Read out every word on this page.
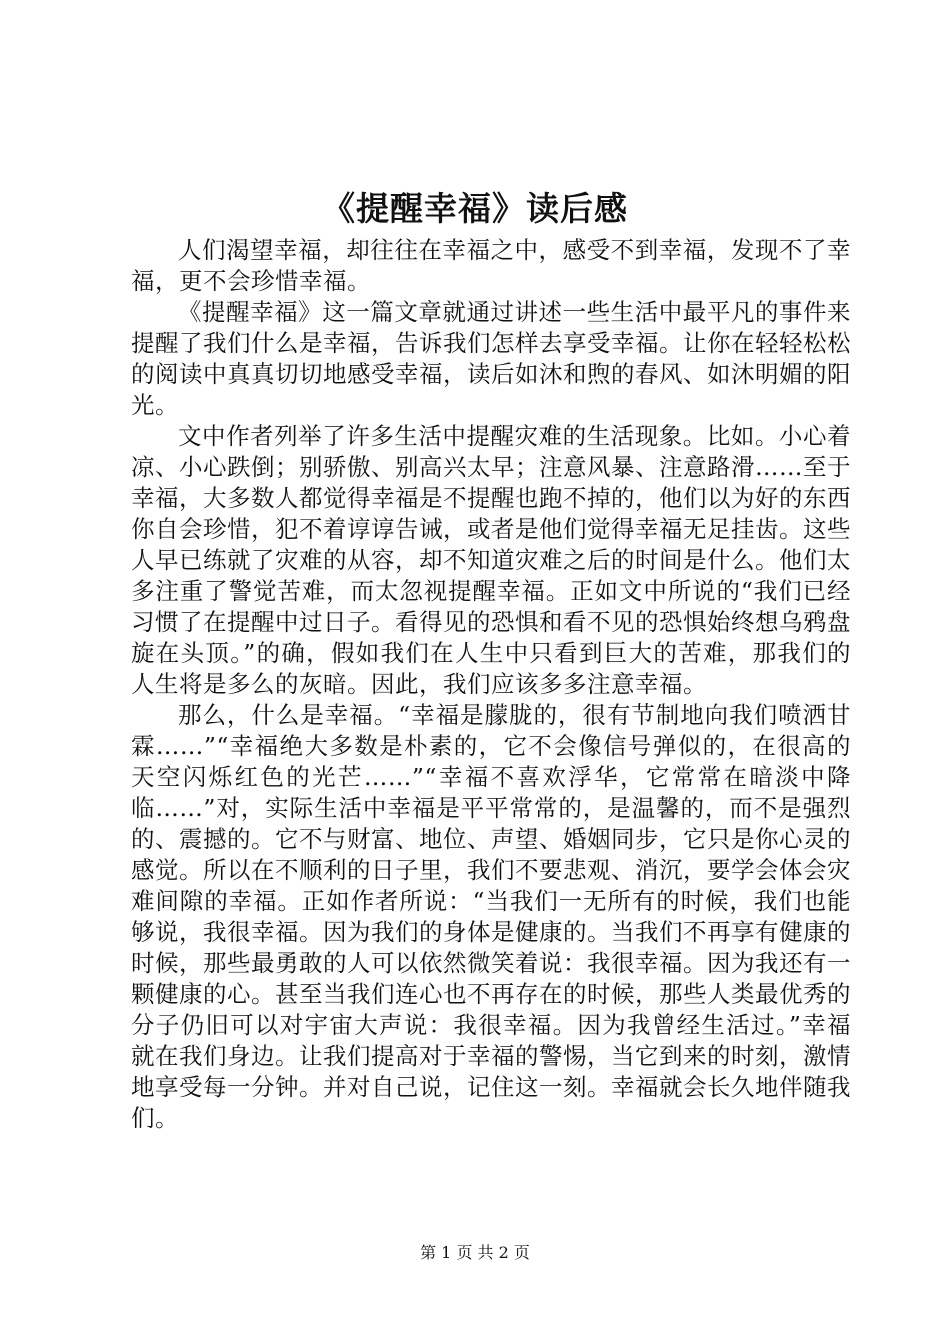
《提醒幸福》读后感

人们渴望幸福，却往往在幸福之中，感受不到幸福，发现不了幸福，更不会珍惜幸福。

《提醒幸福》这一篇文章就通过讲述一些生活中最平凡的事件来提醒了我们什么是幸福，告诉我们怎样去享受幸福。让你在轻轻松松的阅读中真真切切地感受幸福，读后如沐和煦的春风、如沐明媚的阳光。

文中作者列举了许多生活中提醒灾难的生活现象。比如。小心着凉、小心跌倒；别骄傲、别高兴太早；注意风暴、注意路滑……至于幸福，大多数人都觉得幸福是不提醒也跑不掉的，他们以为好的东西你自会珍惜，犯不着谆谆告诫，或者是他们觉得幸福无足挂齿。这些人早已练就了灾难的从容，却不知道灾难之后的时间是什么。他们太多注重了警觉苦难，而太忽视提醒幸福。正如文中所说的“我们已经习惯了在提醒中过日子。看得见的恐惧和看不见的恐惧始终想乌鸦盘旋在头顶。”的确，假如我们在人生中只看到巨大的苦难，那我们的人生将是多么的灰暗。因此，我们应该多多注意幸福。

那么，什么是幸福。“幸福是朦胧的，很有节制地向我们喷洒甘霖……”“幸福绝大多数是朴素的，它不会像信号弹似的，在很高的天空闪烁红色的光芒……”“幸福不喜欢浮华，它常常在暗淡中降临……”对，实际生活中幸福是平平常常的，是温馨的，而不是强烈的、震撼的。它不与财富、地位、声望、婚姻同步，它只是你心灵的感觉。所以在不顺利的日子里，我们不要悲观、消沉，要学会体会灾难间隙的幸福。正如作者所说：“当我们一无所有的时候，我们也能够说，我很幸福。因为我们的身体是健康的。当我们不再享有健康的时候，那些最勇敢的人可以依然微笑着说：我很幸福。因为我还有一颗健康的心。甚至当我们连心也不再存在的时候，那些人类最优秀的分子仍旧可以对宇宙大声说：我很幸福。因为我曾经生活过。”幸福就在我们身边。让我们提高对于幸福的警惕，当它到来的时刻，激情地享受每一分钟。并对自己说，记住这一刻。幸福就会长久地伴随我们。

第 1 页 共 2 页
